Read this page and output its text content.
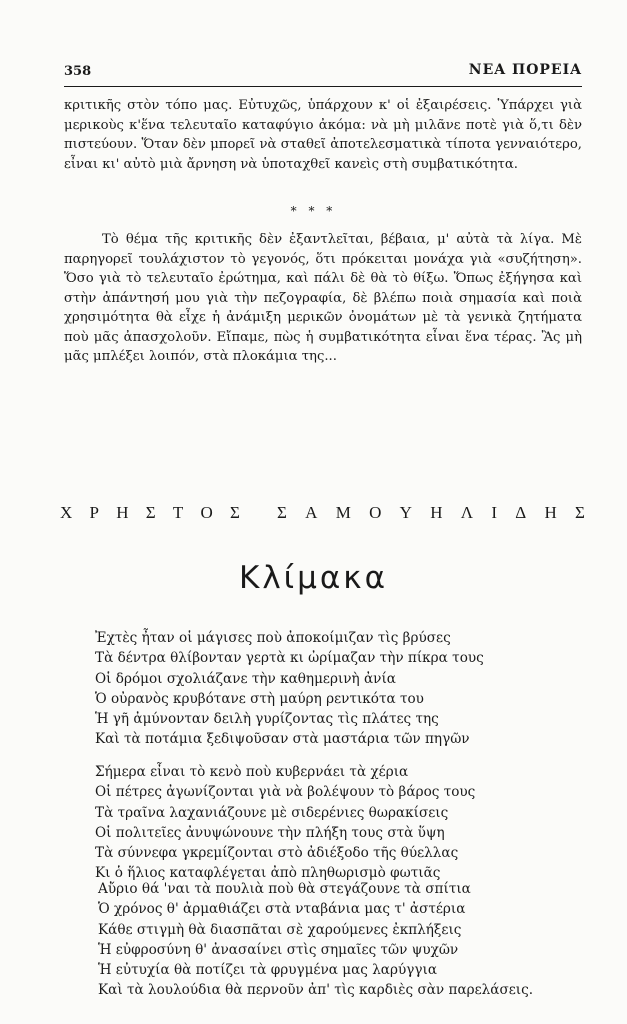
358	ΝΕΑ ΠΟΡΕΙΑ

κριτικῆς στὸν τόπο μας. Εὐτυχῶς, ὑπάρχουν κ' οἱ ἐξαιρέσεις. Ὑπάρχει γιὰ μερικοὺς κ'ἕνα τελευταῖο καταφύγιο ἀκόμα: νὰ μὴ μιλᾶνε ποτὲ γιὰ ὅ,τι δὲν πιστεύουν. Ὅταν δὲν μπορεῖ νὰ σταθεῖ ἀποτελεσματικὰ τίποτα γενναιότερο, εἶναι κι' αὐτὸ μιὰ ἄρνηση νὰ ὑποταχθεῖ κανεὶς στὴ συμβατικότητα.

* * *

Τὸ θέμα τῆς κριτικῆς δὲν ἐξαντλεῖται, βέβαια, μ' αὐτὰ τὰ λίγα. Μὲ παρηγορεῖ τουλάχιστον τὸ γεγονός, ὅτι πρόκειται μονάχα γιὰ «συζήτηση». Ὅσο γιὰ τὸ τελευταῖο ἐρώτημα, καὶ πάλι δὲ θὰ τὸ θίξω. Ὅπως ἐξήγησα καὶ στὴν ἀπάντησή μου γιὰ τὴν πεζογραφία, δὲ βλέπω ποιὰ σημασία καὶ ποιὰ χρησιμότητα θὰ εἶχε ἡ ἀνάμιξη μερικῶν ὀνομάτων μὲ τὰ γενικὰ ζητήματα ποὺ μᾶς ἀπασχολοῦν. Εἴπαμε, πὼς ἡ συμβατικότητα εἶναι ἕνα τέρας. Ἂς μὴ μᾶς μπλέξει λοιπόν, στὰ πλοκάμια της...

Χ Ρ Η Σ Τ Ο Σ Σ Α Μ Ο Υ Η Λ Ι Δ Η Σ
Κλίμακα
Ἐχτὲς ἦταν οἱ μάγισες ποὺ ἀποκοίμιζαν τὶς βρύσες
Τὰ δέντρα θλίβονταν γερτὰ κι ὠρίμαζαν τὴν πίκρα τους
Οἱ δρόμοι σχολιάζανε τὴν καθημερινὴ ἀνία
Ὁ οὐρανὸς κρυβότανε στὴ μαύρη ρεντικότα του
Ἡ γῆ ἀμύνονταν δειλὴ γυρίζοντας τὶς πλάτες της
Καὶ τὰ ποτάμια ξεδιψοῦσαν στὰ μαστάρια τῶν πηγῶν
Σήμερα εἶναι τὸ κενὸ ποὺ κυβερνάει τὰ χέρια
Οἱ πέτρες ἀγωνίζονται γιὰ νὰ βολέψουν τὸ βάρος τους
Τὰ τραῖνα λαχανιάζουνε μὲ σιδερένιες θωρακίσεις
Οἱ πολιτεῖες ἀνυψώνουνε τὴν πλήξη τους στὰ ὕψη
Τὰ σύννεφα γκρεμίζονται στὸ ἀδιέξοδο τῆς θύελλας
Κι ὁ ἥλιος καταφλέγεται ἀπὸ πληθωρισμὸ φωτιᾶς
Αὔριο θά 'ναι τὰ πουλιὰ ποὺ θὰ στεγάζουνε τὰ σπίτια
Ὁ χρόνος θ' ἀρμαθιάζει στὰ νταβάνια μας τ' ἀστέρια
Κάθε στιγμὴ θὰ διασπᾶται σὲ χαρούμενες ἐκπλήξεις
Ἡ εὐφροσύνη θ' ἀνασαίνει στὶς σημαῖες τῶν ψυχῶν
Ἡ εὐτυχία θὰ ποτίζει τὰ φρυγμένα μας λαρύγγια
Καὶ τὰ λουλούδια θὰ περνοῦν ἀπ' τὶς καρδιὲς σὰν παρελάσεις.
